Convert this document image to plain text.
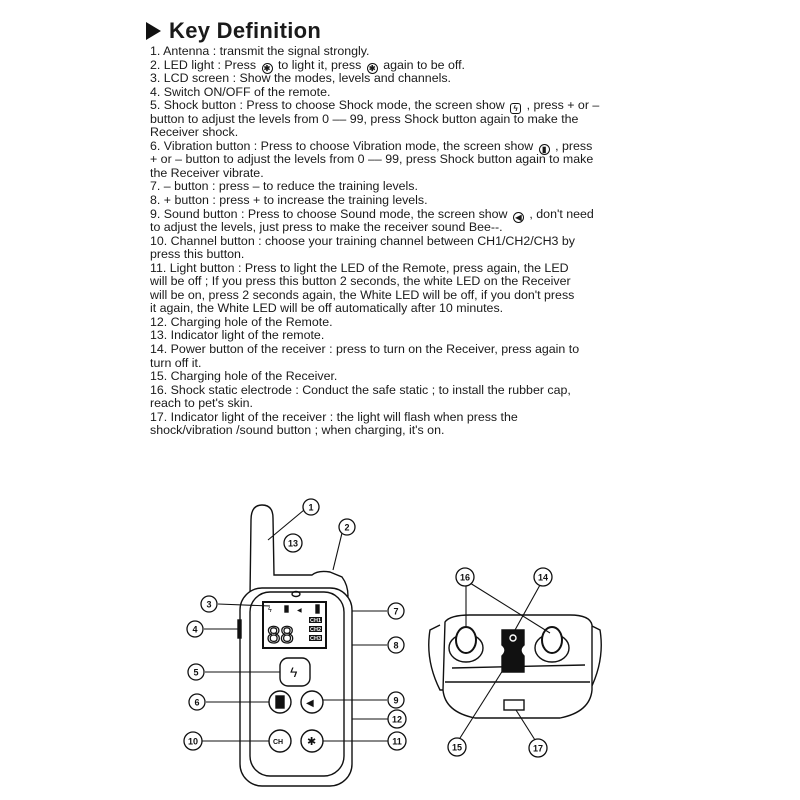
Key Definition
1. Antenna : transmit the signal strongly.
2. LED light : Press ✱ to light it, press ✱ again to be off.
3. LCD screen : Show the modes, levels and channels.
4. Switch ON/OFF of the remote.
5. Shock button : Press to choose Shock mode, the screen show ϟ , press + or –
button to adjust the levels from 0 –– 99, press Shock button again to make the
Receiver shock.
6. Vibration button : Press to choose Vibration mode, the screen show ▮ , press
+ or – button to adjust the levels from 0 –– 99, press Shock button again to make
the Receiver vibrate.
7. – button : press – to reduce the training levels.
8. + button : press + to increase the training levels.
9. Sound button : Press to choose Sound mode, the screen show ◀ , don't need
to adjust the levels, just press to make the receiver sound Bee--.
10. Channel button : choose your training channel between CH1/CH2/CH3 by
press this button.
11. Light button : Press to light the LED of the Remote, press again, the LED
will be off ; If you press this button 2 seconds, the white LED on the Receiver
will be on, press 2 seconds again, the White LED will be off, if you don't press
it again, the White LED will be off automatically after 10 minutes.
12. Charging hole of the Remote.
13. Indicator light of the remote.
14. Power button of the receiver : press to turn on the Receiver, press again to
turn off it.
15. Charging hole of the Receiver.
16. Shock static electrode : Conduct the safe static ; to install the rubber cap,
reach to pet's skin.
17. Indicator light of the receiver : the light will flash when press the
shock/vibration /sound button ; when charging, it's on.
ϟ	◀
88
CH1
CH2
CH3
ϟ
◀
CH ✱
1
2
3
4
5
6
7
8
9
10	11
12
13
14
15
16
17
